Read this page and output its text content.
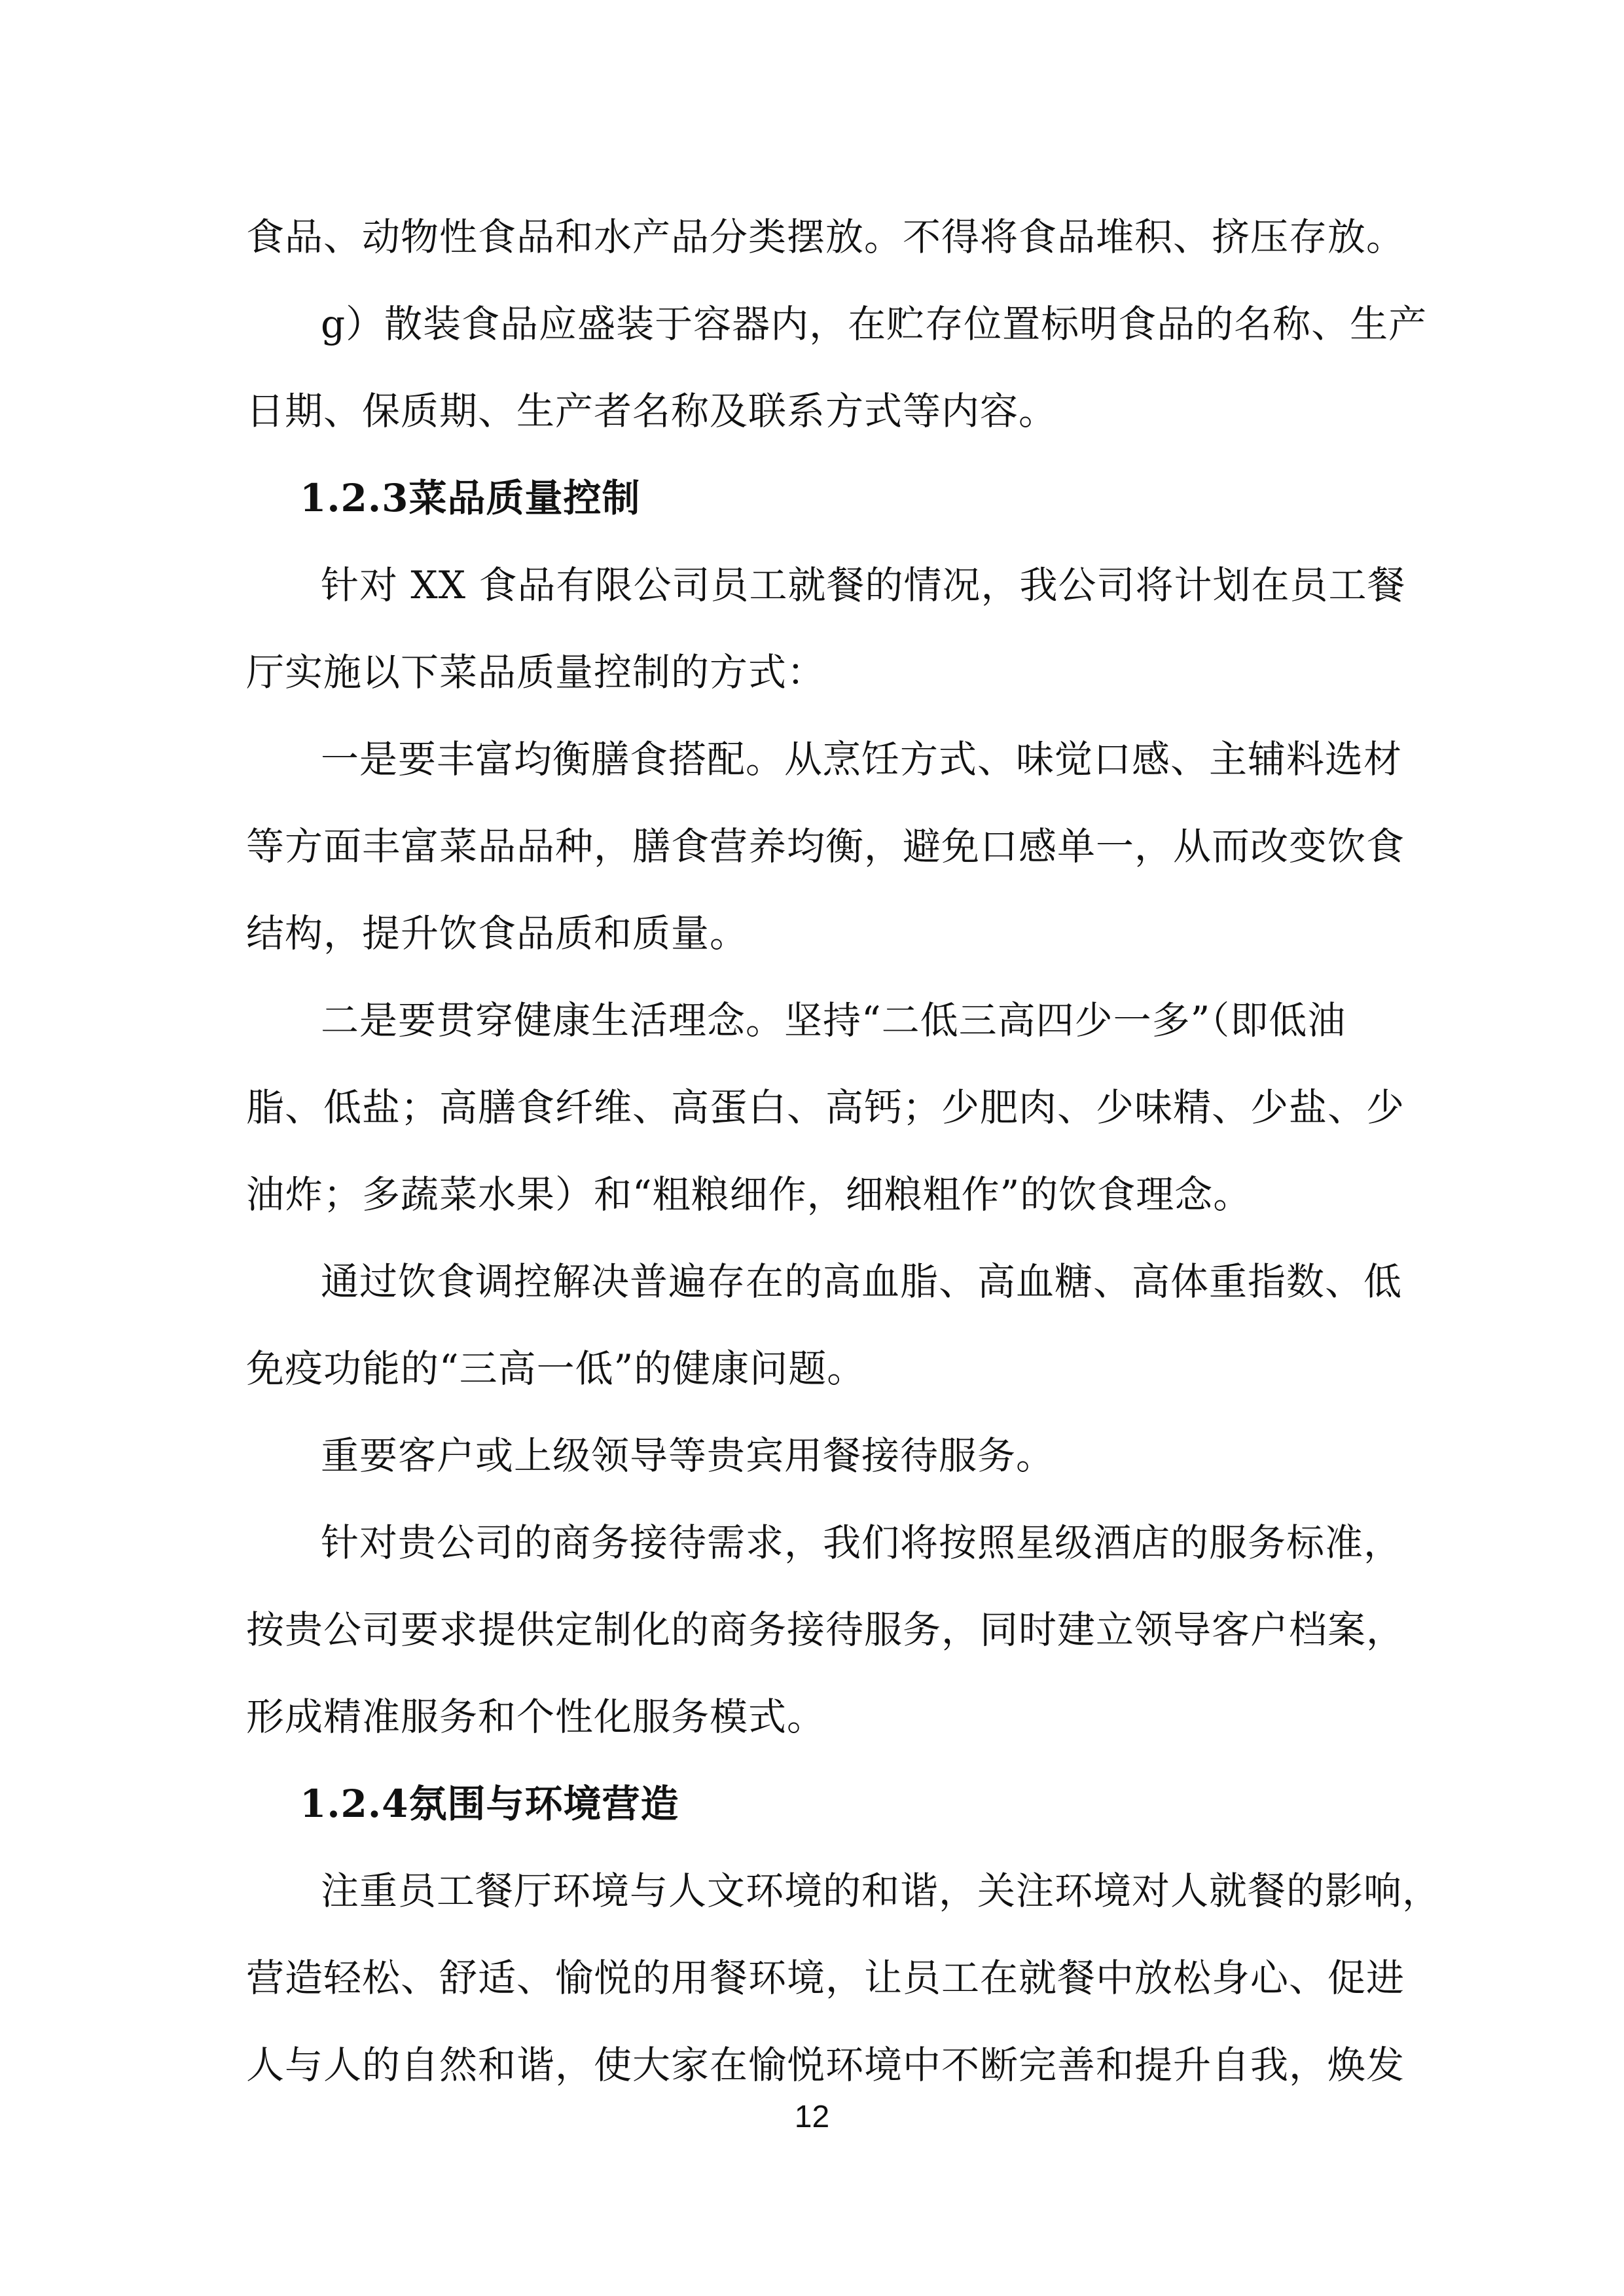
食品、动物性食品和水产品分类摆放。不得将食品堆积、挤压存放。
g）散装食品应盛装于容器内，在贮存位置标明食品的名称、生产
日期、保质期、生产者名称及联系方式等内容。
1.2.3菜品质量控制
针对 XX 食品有限公司员工就餐的情况，我公司将计划在员工餐
厅实施以下菜品质量控制的方式：
一是要丰富均衡膳食搭配。从烹饪方式、味觉口感、主辅料选材
等方面丰富菜品品种，膳食营养均衡，避免口感单一，从而改变饮食
结构，提升饮食品质和质量。
二是要贯穿健康生活理念。坚持“二低三高四少一多”（即低油
脂、低盐；高膳食纤维、高蛋白、高钙；少肥肉、少味精、少盐、少
油炸；多蔬菜水果）和“粗粮细作，细粮粗作”的饮食理念。
通过饮食调控解决普遍存在的高血脂、高血糖、高体重指数、低
免疫功能的“三高一低”的健康问题。
重要客户或上级领导等贵宾用餐接待服务。
针对贵公司的商务接待需求，我们将按照星级酒店的服务标准，
按贵公司要求提供定制化的商务接待服务，同时建立领导客户档案，
形成精准服务和个性化服务模式。
1.2.4氛围与环境营造
注重员工餐厅环境与人文环境的和谐，关注环境对人就餐的影响，
营造轻松、舒适、愉悦的用餐环境，让员工在就餐中放松身心、促进
人与人的自然和谐，使大家在愉悦环境中不断完善和提升自我，焕发
12
